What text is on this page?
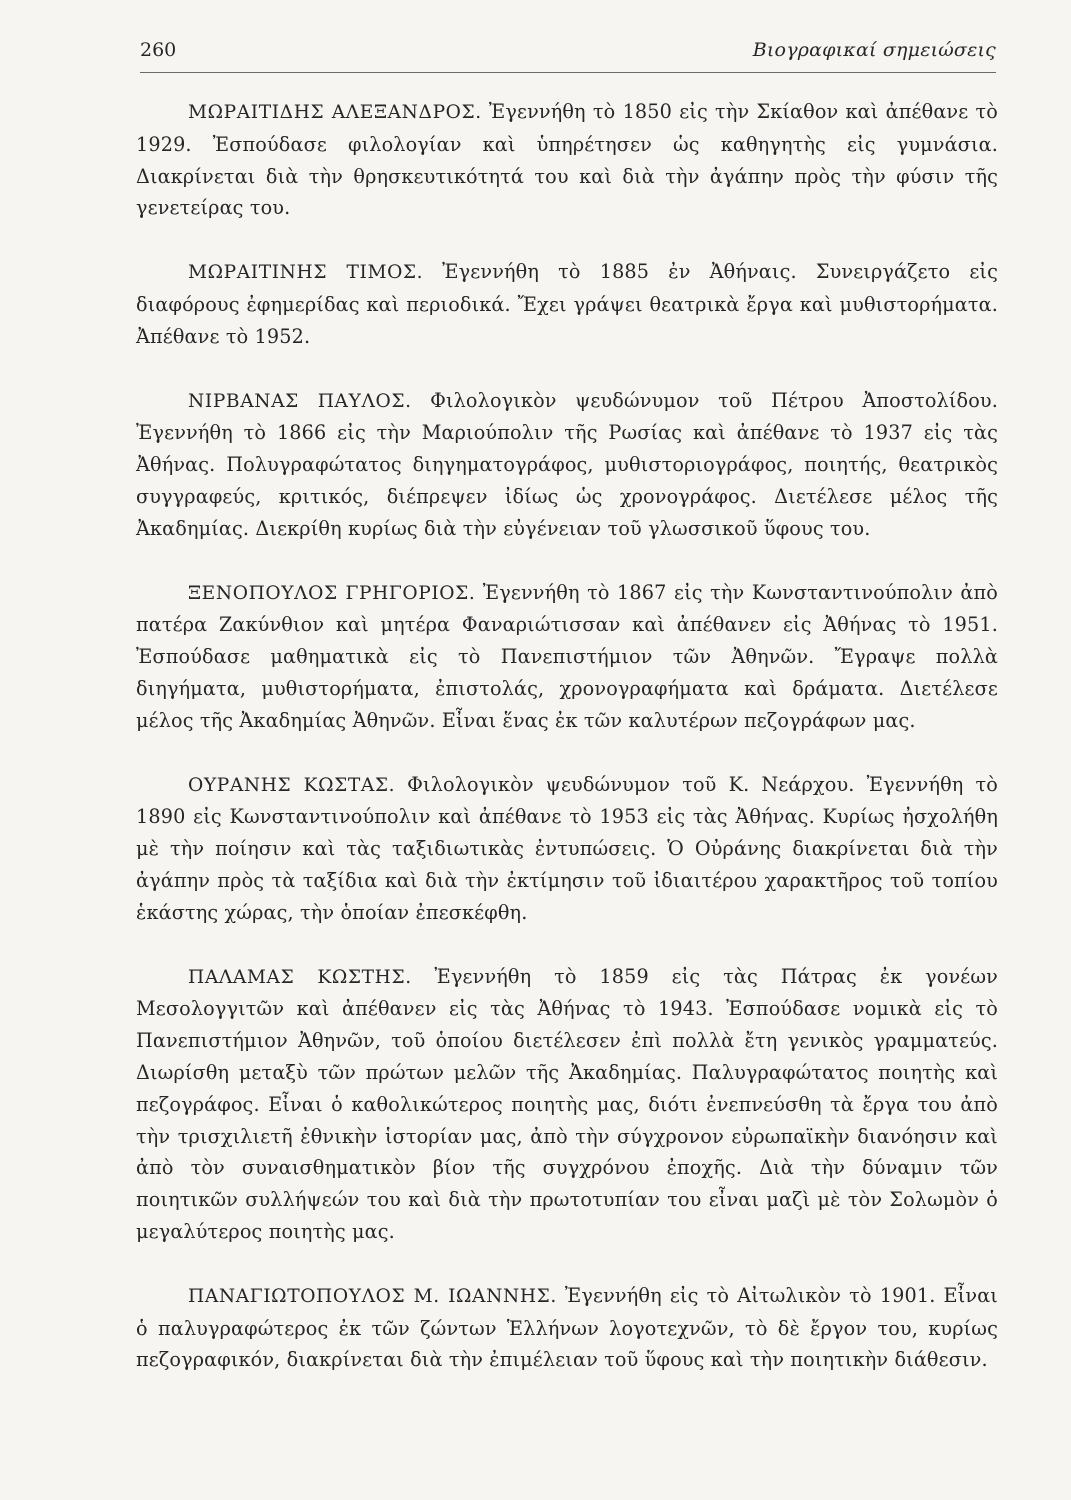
260	Βιογραφικαί σημειώσεις

ΜΩΡΑΙΤΙΔΗΣ ΑΛΕΞΑΝΔΡΟΣ. Ἐγεννήθη τὸ 1850 εἰς τὴν Σκίαθον καὶ ἀπέθανε τὸ 1929. Ἐσπούδασε φιλολογίαν καὶ ὑπηρέτησεν ὡς καθηγητὴς εἰς γυμνάσια. Διακρίνεται διὰ τὴν θρησκευτικότητά του καὶ διὰ τὴν ἀγάπην πρὸς τὴν φύσιν τῆς γενετείρας του.

ΜΩΡΑΙΤΙΝΗΣ ΤΙΜΟΣ. Ἐγεννήθη τὸ 1885 ἐν Ἀθήναις. Συνειργάζετο εἰς διαφόρους ἐφημερίδας καὶ περιοδικά. Ἔχει γράψει θεατρικὰ ἔργα καὶ μυθιστορήματα. Ἀπέθανε τὸ 1952.

ΝΙΡΒΑΝΑΣ ΠΑΥΛΟΣ. Φιλολογικὸν ψευδώνυμον τοῦ Πέτρου Ἀποστολίδου. Ἐγεννήθη τὸ 1866 εἰς τὴν Μαριούπολιν τῆς Ρωσίας καὶ ἀπέθανε τὸ 1937 εἰς τὰς Ἀθήνας. Πολυγραφώτατος διηγηματογράφος, μυθιστοριογράφος, ποιητής, θεατρικὸς συγγραφεύς, κριτικός, διέπρεψεν ἰδίως ὡς χρονογράφος. Διετέλεσε μέλος τῆς Ἀκαδημίας. Διεκρίθη κυρίως διὰ τὴν εὐγένειαν τοῦ γλωσσικοῦ ὕφους του.

ΞΕΝΟΠΟΥΛΟΣ ΓΡΗΓΟΡΙΟΣ. Ἐγεννήθη τὸ 1867 εἰς τὴν Κωνσταντινούπολιν ἀπὸ πατέρα Ζακύνθιον καὶ μητέρα Φαναριώτισσαν καὶ ἀπέθανεν εἰς Ἀθήνας τὸ 1951. Ἐσπούδασε μαθηματικὰ εἰς τὸ Πανεπιστήμιον τῶν Ἀθηνῶν. Ἔγραψε πολλὰ διηγήματα, μυθιστορήματα, ἐπιστολάς, χρονογραφήματα καὶ δράματα. Διετέλεσε μέλος τῆς Ἀκαδημίας Ἀθηνῶν. Εἶναι ἕνας ἐκ τῶν καλυτέρων πεζογράφων μας.

ΟΥΡΑΝΗΣ ΚΩΣΤΑΣ. Φιλολογικὸν ψευδώνυμον τοῦ Κ. Νεάρχου. Ἐγεννήθη τὸ 1890 εἰς Κωνσταντινούπολιν καὶ ἀπέθανε τὸ 1953 εἰς τὰς Ἀθήνας. Κυρίως ἠσχολήθη μὲ τὴν ποίησιν καὶ τὰς ταξιδιωτικὰς ἐντυπώσεις. Ὁ Οὐράνης διακρίνεται διὰ τὴν ἀγάπην πρὸς τὰ ταξίδια καὶ διὰ τὴν ἐκτίμησιν τοῦ ἰδιαιτέρου χαρακτῆρος τοῦ τοπίου ἑκάστης χώρας, τὴν ὁποίαν ἐπεσκέφθη.

ΠΑΛΑΜΑΣ ΚΩΣΤΗΣ. Ἐγεννήθη τὸ 1859 εἰς τὰς Πάτρας ἐκ γονέων Μεσολογγιτῶν καὶ ἀπέθανεν εἰς τὰς Ἀθήνας τὸ 1943. Ἐσπούδασε νομικὰ εἰς τὸ Πανεπιστήμιον Ἀθηνῶν, τοῦ ὁποίου διετέλεσεν ἐπὶ πολλὰ ἔτη γενικὸς γραμματεύς. Διωρίσθη μεταξὺ τῶν πρώτων μελῶν τῆς Ἀκαδημίας. Παλυγραφώτατος ποιητὴς καὶ πεζογράφος. Εἶναι ὁ καθολικώτερος ποιητὴς μας, διότι ἐνεπνεύσθη τὰ ἔργα του ἀπὸ τὴν τρισχιλιετῆ ἐθνικὴν ἱστορίαν μας, ἀπὸ τὴν σύγχρονον εὐρωπαϊκὴν διανόησιν καὶ ἀπὸ τὸν συναισθηματικὸν βίον τῆς συγχρόνου ἐποχῆς. Διὰ τὴν δύναμιν τῶν ποιητικῶν συλλήψεών του καὶ διὰ τὴν πρωτοτυπίαν του εἶναι μαζὶ μὲ τὸν Σολωμὸν ὁ μεγαλύτερος ποιητὴς μας.

ΠΑΝΑΓΙΩΤΟΠΟΥΛΟΣ Μ. ΙΩΑΝΝΗΣ. Ἐγεννήθη εἰς τὸ Αἰτωλικὸν τὸ 1901. Εἶναι ὁ παλυγραφώτερος ἐκ τῶν ζώντων Ἑλλήνων λογοτεχνῶν, τὸ δὲ ἔργον του, κυρίως πεζογραφικόν, διακρίνεται διὰ τὴν ἐπιμέλειαν τοῦ ὕφους καὶ τὴν ποιητικὴν διάθεσιν.
